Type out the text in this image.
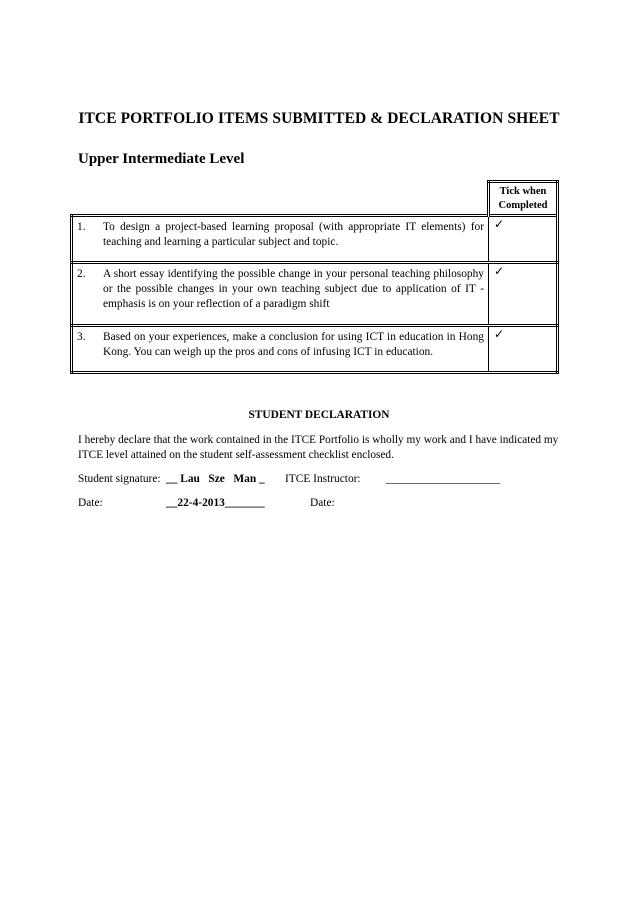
ITCE PORTFOLIO ITEMS SUBMITTED & DECLARATION SHEET
Upper Intermediate Level
		Tick when Completed
1.	To design a project-based learning proposal (with appropriate IT elements) for teaching and learning a particular subject and topic.	✓
2.	A short essay identifying the possible change in your personal teaching philosophy or the possible changes in your own teaching subject due to application of IT - emphasis is on your reflection of a paradigm shift	✓
3.	Based on your experiences, make a conclusion for using ICT in education in Hong Kong. You can weigh up the pros and cons of infusing ICT in education.	✓
STUDENT DECLARATION
I hereby declare that the work contained in the ITCE Portfolio is wholly my work and I have indicated my ITCE level attained on the student self-assessment checklist enclosed.
Student signature: __ Lau   Sze   Man _ ITCE Instructor: ____________________
Date:	__22-4-2013_______	Date:
